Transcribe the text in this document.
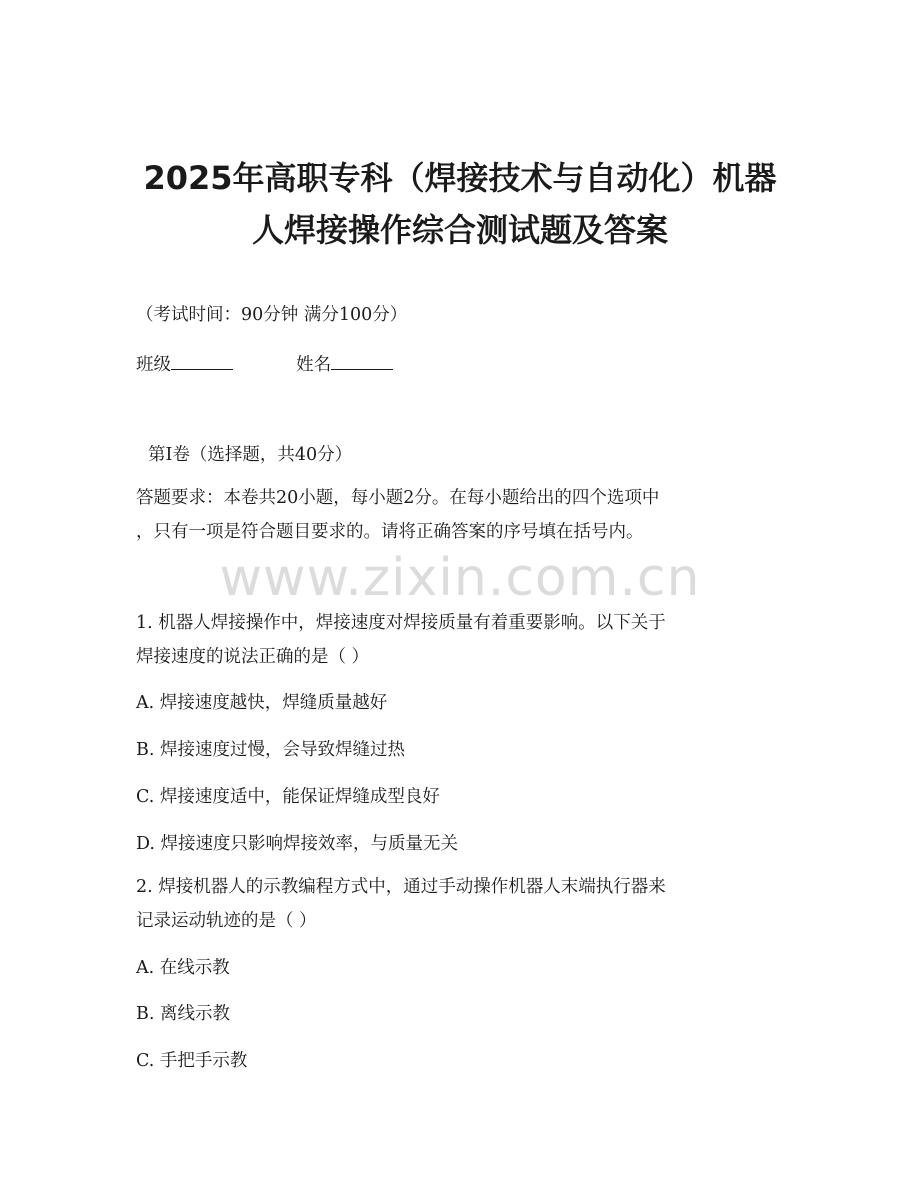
2025年高职专科（焊接技术与自动化）机器
人焊接操作综合测试题及答案
（考试时间：90分钟 满分100分）
班级	姓名
第Ⅰ卷（选择题，共40分）
答题要求：本卷共20小题，每小题2分。在每小题给出的四个选项中
，只有一项是符合题目要求的。请将正确答案的序号填在括号内。
www.zixin.com.cn
1. 机器人焊接操作中，焊接速度对焊接质量有着重要影响。以下关于
焊接速度的说法正确的是（ ）
A. 焊接速度越快，焊缝质量越好
B. 焊接速度过慢，会导致焊缝过热
C. 焊接速度适中，能保证焊缝成型良好
D. 焊接速度只影响焊接效率，与质量无关
2. 焊接机器人的示教编程方式中，通过手动操作机器人末端执行器来
记录运动轨迹的是（ ）
A. 在线示教
B. 离线示教
C. 手把手示教
